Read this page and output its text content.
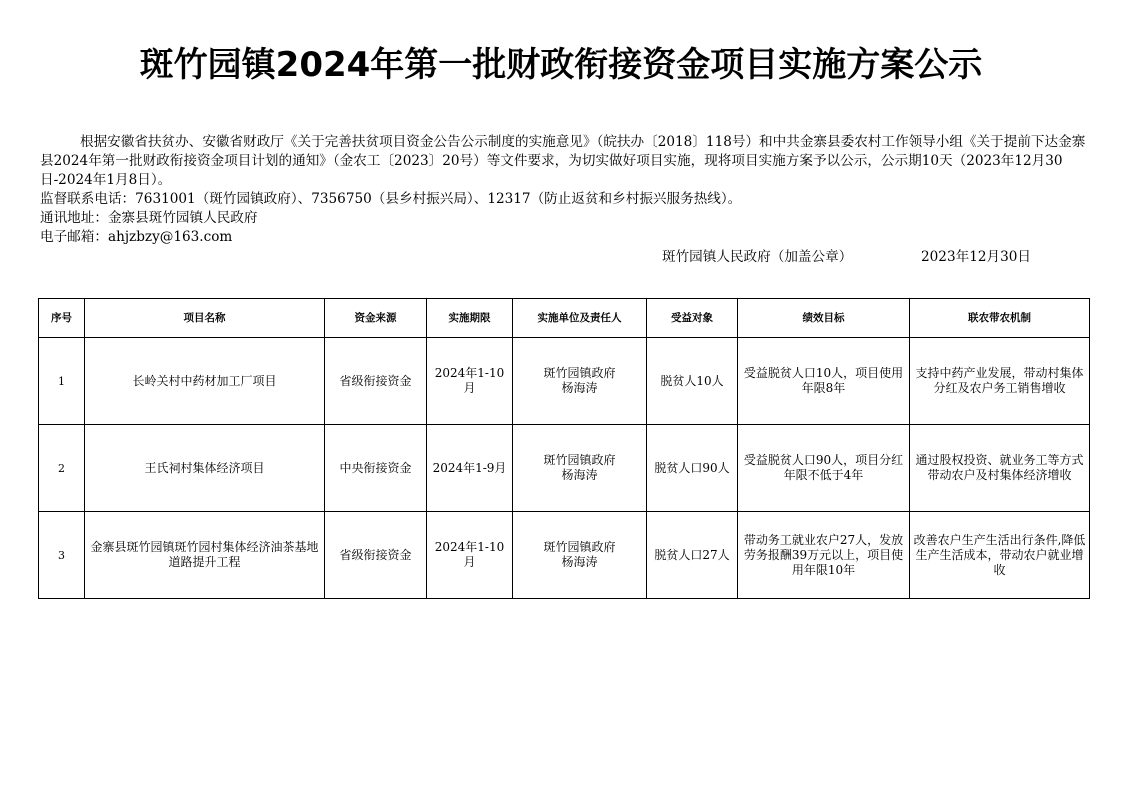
斑竹园镇2024年第一批财政衔接资金项目实施方案公示

根据安徽省扶贫办、安徽省财政厅《关于完善扶贫项目资金公告公示制度的实施意见》（皖扶办〔2018〕118号）和中共金寨县委农村工作领导小组《关于提前下达金寨县2024年第一批财政衔接资金项目计划的通知》（金农工〔2023〕20号）等文件要求，为切实做好项目实施，现将项目实施方案予以公示，公示期10天（2023年12月30日-2024年1月8日）。

监督联系电话：7631001（斑竹园镇政府）、7356750（县乡村振兴局）、12317（防止返贫和乡村振兴服务热线）。

通讯地址：金寨县斑竹园镇人民政府

电子邮箱：ahjzbzy@163.com

斑竹园镇人民政府（加盖公章）	2023年12月30日
序号	项目名称	资金来源	实施期限	实施单位及责任人	受益对象	绩效目标	联农带农机制
1	长岭关村中药材加工厂项目	省级衔接资金	2024年1-10月	斑竹园镇政府
杨海涛	脱贫人10人	受益脱贫人口10人，项目使用年限8年	支持中药产业发展，带动村集体分红及农户务工销售增收
2	王氏祠村集体经济项目	中央衔接资金	2024年1-9月	斑竹园镇政府
杨海涛	脱贫人口90人	受益脱贫人口90人，项目分红年限不低于4年	通过股权投资、就业务工等方式带动农户及村集体经济增收
3	金寨县斑竹园镇斑竹园村集体经济油茶基地道路提升工程	省级衔接资金	2024年1-10月	斑竹园镇政府
杨海涛	脱贫人口27人	带动务工就业农户27人，发放劳务报酬39万元以上，项目使用年限10年	改善农户生产生活出行条件,降低生产生活成本，带动农户就业增收
